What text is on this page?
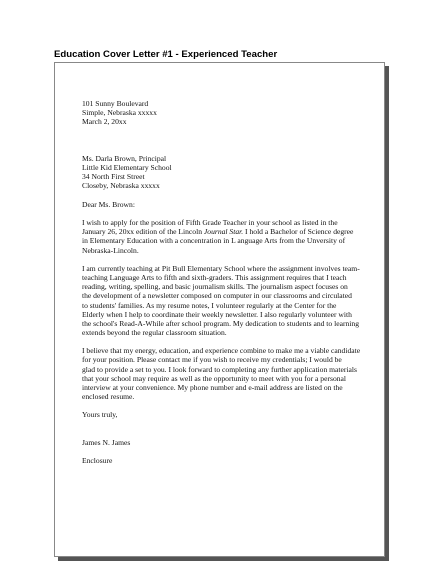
Education Cover Letter #1 - Experienced Teacher
101 Sunny Boulevard
Simple, Nebraska xxxxx
March 2, 20xx
Ms. Darla Brown, Principal
Little Kid Elementary School
34 North First Street
Closeby, Nebraska xxxxx
Dear Ms. Brown:
I wish to apply for the position of Fifth Grade Teacher in your school as listed in the
January 26, 20xx edition of the Lincoln Journal Star. I hold a Bachelor of Science degree
in Elementary Education with a concentration in L anguage Arts from the Unversity of
Nebraska-Lincoln.
I am currently teaching at Pit Bull Elementary School where the assignment involves team-
teaching Language Arts to fifth and sixth-graders. This assignment requires that I teach
reading, writing, spelling, and basic journalism skills. The journalism aspect focuses on
the development of a newsletter composed on computer in our classrooms and circulated
to students' families. As my resume notes, I volunteer regularly at the Center for the
Elderly when I help to coordinate their weekly newsletter. I also regularly volunteer with
the school's Read-A-While after school program. My dedication to students and to learning
extends beyond the regular classroom situation.
I believe that my energy, education, and experience combine to make me a viable candidate
for your position. Please contact me if you wish to receive my credentials; I would be
glad to provide a set to you. I look forward to completing any further application materials
that your school may require as well as the opportunity to meet with you for a personal
interview at your convenience. My phone number and e-mail address are listed on the
enclosed resume.
Yours truly,
James N. James
Enclosure
